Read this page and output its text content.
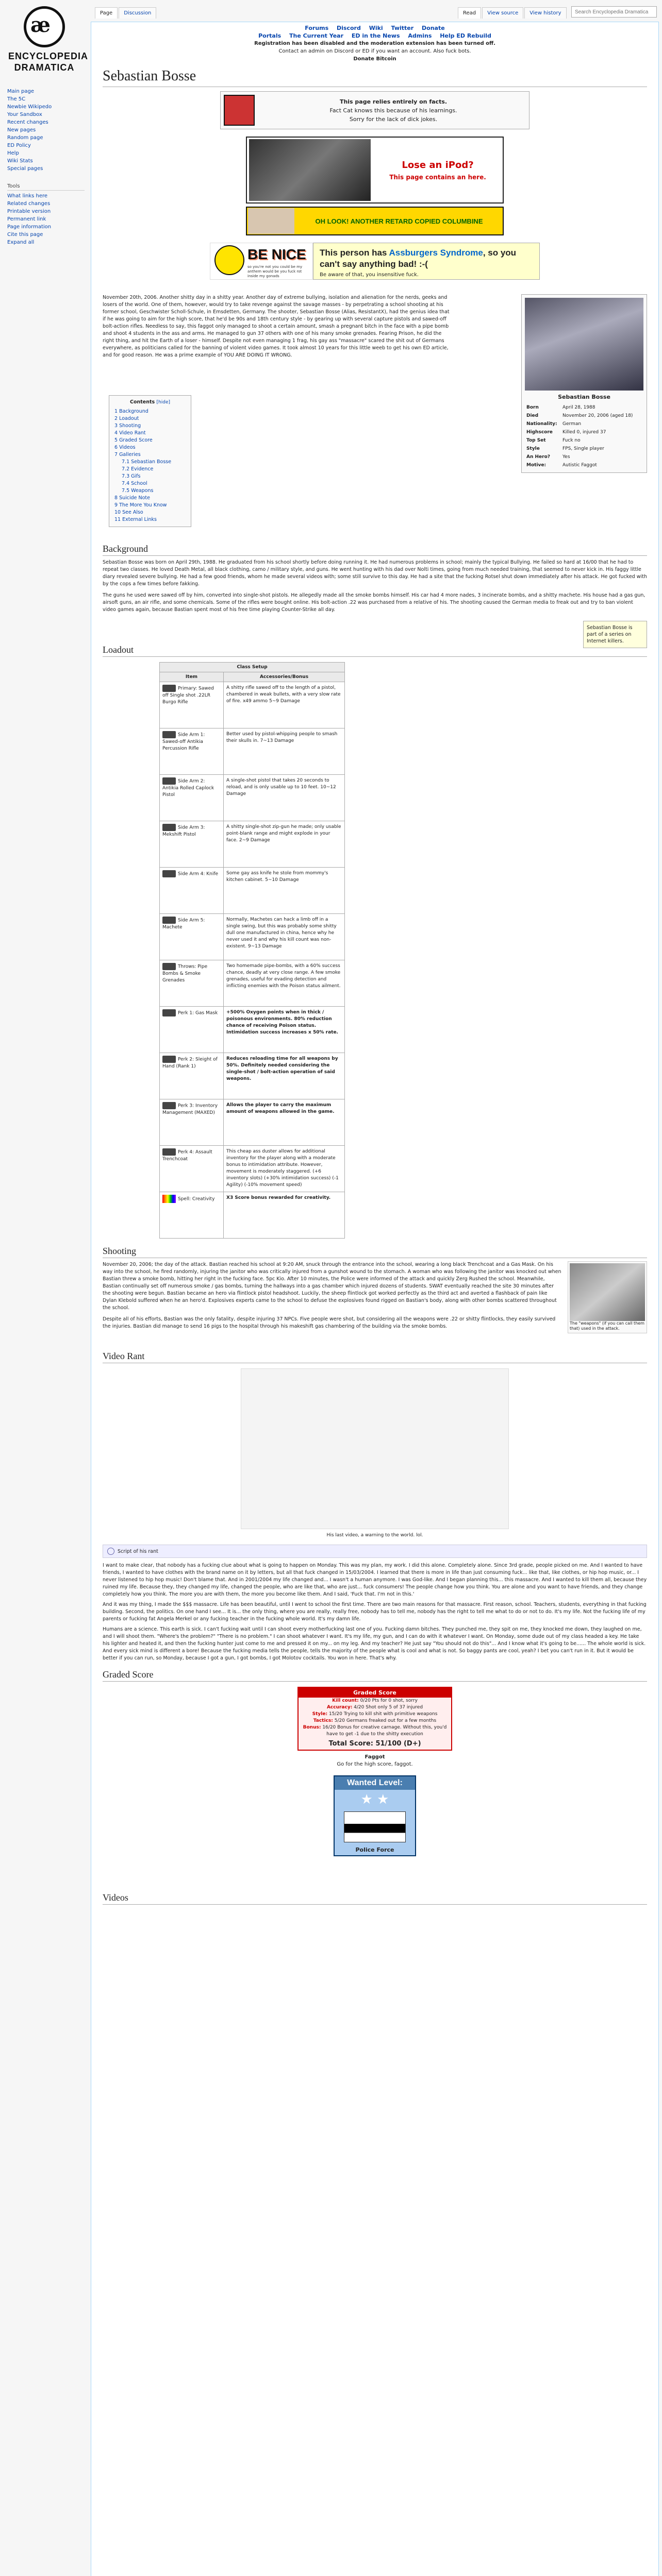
æ
ENCYCLOPEDIA
DRAMATICA
Main page
The 5C
Newbie Wikipedo
Your Sandbox
Recent changes
New pages
Random page
ED Policy
Help
Wiki Stats
Special pages
Tools
What links here
Related changes
Printable version
Permanent link
Page information
Cite this page
Expand all
Page	Discussion	Read	View source	View history
Search Encyclopedia Dramatica
Forums Discord Wiki Twitter Donate
Portals The Current Year ED in the News Admins Help ED Rebuild
Registration has been disabled and the moderation extension has been turned off.
Contact an admin on Discord or ED if you want an account. Also fuck bots.
Donate Bitcoin
Sebastian Bosse
This page relies entirely on facts.
Fact Cat knows this because of his learnings.
Sorry for the lack of dick jokes.
Lose an iPod?
This page contains an here.
OH LOOK! ANOTHER RETARD COPIED COLUMBINE
BE NICE
so you're not you could be my anthem would be you fuck rot inside my gonads
This person has Assburgers Syndrome, so you can't say anything bad! :-(
Be aware of that, you insensitive fuck.

November 20th, 2006. Another shitty day in a shitty year. Another day of extreme bullying, isolation and alienation for the nerds, geeks and losers of the world. One of them, however, would try to take revenge against the savage masses - by perpetrating a school shooting at his former school, Geschwister Scholl-Schule, in Emsdetten, Germany. The shooter, Sebastian Bosse (Alias, ResistantX), had the genius idea that if he was going to aim for the high score, that he'd be 90s and 18th century style - by gearing up with several capture pistols and sawed-off bolt-action rifles. Needless to say, this faggot only managed to shoot a certain amount, smash a pregnant bitch in the face with a pipe bomb and shoot 4 students in the ass and arms. He managed to gun 37 others with one of his many smoke grenades. Fearing Prison, he did the right thing, and hit the Earth of a loser - himself. Despite not even managing 1 frag, his gay ass "massacre" scared the shit out of Germans everywhere, as politicians called for the banning of violent video games. It took almost 10 years for this little weeb to get his own ED article, and for good reason. He was a prime example of YOU ARE DOING IT WRONG.

Contents [hide]
1 Background
2 Loadout
3 Shooting
4 Video Rant
5 Graded Score
6 Videos
7 Galleries
7.1 Sebastian Bosse
7.2 Evidence
7.3 Gifs
7.4 School
7.5 Weapons
8 Suicide Note
9 The More You Know
10 See Also
11 External Links
Sebastian Bosse
Born	April 28, 1988
Died	November 20, 2006 (aged 18)
Nationality:	German
Highscore	Killed 0, injured 37
Top Set	Fuck no
Style	FPS, Single player
An Hero?	Yes
Motive:	Autistic Faggot
Background

Sebastian Bosse was born on April 29th, 1988. He graduated from his school shortly before doing running it. He had numerous problems in school; mainly the typical Bullying. He failed so hard at 16/00 that he had to repeat two classes. He loved Death Metal, all black clothing, camo / military style, and guns. He went hunting with his dad over Nolti times, going from much needed training, that seemed to never kick in. His faggy little diary revealed severe bullying. He had a few good friends, whom he made several videos with; some still survive to this day. He had a site that the fucking Rotsel shut down immediately after his attack. He got fucked with by the cops a few times before fakking.

The guns he used were sawed off by him, converted into single-shot pistols. He allegedly made all the smoke bombs himself. His car had 4 more nades, 3 incinerate bombs, and a shitty machete. His house had a gas gun, airsoft guns, an air rifle, and some chemicals. Some of the rifles were bought online. His bolt-action .22 was purchased from a relative of his. The shooting caused the German media to freak out and try to ban violent video games again, because Bastian spent most of his free time playing Counter-Strike all day.

Sebastian Bosse is part of a series on Internet killers.
Loadout
Class Setup	
Item	Accessories/Bonus
Primary: Sawed off Single shot .22LR Burgo Rifle	A shitty rifle sawed off to the length of a pistol, chambered in weak bullets, with a very slow rate of fire. x49 ammo 5~9 Damage
Side Arm 1: Sawed-off Antikia Percussion Rifle	Better used by pistol-whipping people to smash their skulls in. 7~13 Damage
Side Arm 2: Antikia Rolled Caplock Pistol	A single-shot pistol that takes 20 seconds to reload, and is only usable up to 10 feet. 10~12 Damage
Side Arm 3: Mekshift Pistol	A shitty single-shot zip-gun he made; only usable point-blank range and might explode in your face. 2~9 Damage
Side Arm 4: Knife	Some gay ass knife he stole from mommy's kitchen cabinet. 5~10 Damage
Side Arm 5: Machete	Normally, Machetes can hack a limb off in a single swing, but this was probably some shitty dull one manufactured in china, hence why he never used it and why his kill count was non-existent. 9~13 Damage
Throws: Pipe Bombs & Smoke Grenades	Two homemade pipe-bombs, with a 60% success chance, deadly at very close range. A few smoke grenades, useful for evading detection and inflicting enemies with the Poison status ailment.
Perk 1: Gas Mask	+500% Oxygen points when in thick / poisonous environments. 80% reduction chance of receiving Poison status. Intimidation success increases x 50% rate.
Perk 2: Sleight of Hand (Rank 1)	Reduces reloading time for all weapons by 50%. Definitely needed considering the single-shot / bolt-action operation of said weapons.
Perk 3: Inventory Management (MAXED)	Allows the player to carry the maximum amount of weapons allowed in the game.
Perk 4: Assault Trenchcoat	This cheap ass duster allows for additional inventory for the player along with a moderate bonus to intimidation attribute. However, movement is moderately staggered. (+6 inventory slots) (+30% intimidation success) (-1 Agility) (-10% movement speed)
Spell: Creativity	X3 Score bonus rewarded for creativity.
Shooting
The "weapons" (if you can call them that) used in the attack.

November 20, 2006; the day of the attack. Bastian reached his school at 9:20 AM, snuck through the entrance into the school, wearing a long black Trenchcoat and a Gas Mask. On his way into the school, he fired randomly, injuring the janitor who was critically injured from a gunshot wound to the stomach. A woman who was following the janitor was knocked out when Bastian threw a smoke bomb, hitting her right in the fucking face. 5pc Kio. After 10 minutes, the Police were informed of the attack and quickly Zerg Rushed the school. Meanwhile, Bastian continually set off numerous smoke / gas bombs, turning the hallways into a gas chamber which injured dozens of students. SWAT eventually reached the site 30 minutes after the shooting were begun. Bastian became an hero via flintlock pistol headshoot. Luckily, the sheep flintlock got worked perfectly as the third act and averted a flashback of pain like Dylan Klebold suffered when he an hero'd. Explosives experts came to the school to defuse the explosives found rigged on Bastian's body, along with other bombs scattered throughout the school.

Despite all of his efforts, Bastian was the only fatality, despite injuring 37 NPCs. Five people were shot, but considering all the weapons were .22 or shitty flintlocks, they easily survived the injuries. Bastian did manage to send 16 pigs to the hospital through his makeshift gas chambering of the building via the smoke bombs.

Video Rant
His last video, a warning to the world. lol.
Script of his rant

I want to make clear, that nobody has a fucking clue about what is going to happen on Monday. This was my plan, my work. I did this alone. Completely alone. Since 3rd grade, people picked on me. And I wanted to have friends, I wanted to have clothes with the brand name on it by letters, but all that fuck changed in 15/03/2004. I learned that there is more in life than just consuming fuck... like that, like clothes, or hip hop music, or... I never listened to hip hop music! Don't blame that. And in 2001/2004 my life changed and... I wasn't a human anymore. I was God-like. And I began planning this... this massacre. And I wanted to kill them all, because they ruined my life. Because they, they changed my life, changed the people, who are like that, who are just... fuck consumers! The people change how you think. You are alone and you want to have friends, and they change completely how you think. The more you are with them, the more you become like them. And I said, 'Fuck that. I'm not in this.'

And it was my thing, I made the $$$ massacre. Life has been beautiful, until I went to school the first time. There are two main reasons for that massacre. First reason, school. Teachers, students, everything in that fucking building. Second, the politics. On one hand I see... It is... the only thing, where you are really, really free, nobody has to tell me, nobody has the right to tell me what to do or not to do. It's my life. Not the fucking life of my parents or fucking fat Angela Merkel or any fucking teacher in the fucking whole world. It's my damn life.

Humans are a science. This earth is sick. I can't fucking wait until I can shoot every motherfucking last one of you. Fucking damn bitches. They punched me, they spit on me, they knocked me down, they laughed on me, and I will shoot them. "Where's the problem?" "There is no problem." I can shoot whatever I want. It's my life, my gun, and I can do with it whatever I want. On Monday, some dude out of my class headed a key. He take his lighter and heated it, and then the fucking hunter just come to me and pressed it on my... on my leg. And my teacher? He just say "You should not do this"... And I know what it's going to be...... The whole world is sick. And every sick mind is different a bore! Because the fucking media tells the people, tells the majority of the people what is cool and what is not. So baggy pants are cool, yeah? I bet you can't run in it. But it would be better if you can run, so Monday, because I got a gun, I got bombs, I got Molotov cocktails. You won in here. That's why.

Graded Score
Graded Score
Kill count: 0/20 Pts for 0 shot, sorry
Accuracy: 4/20 Shot only 5 of 37 injured
Style: 15/20 Trying to kill shit with primitive weapons
Tactics: 5/20 Germans freaked out for a few months
Bonus: 16/20 Bonus for creative carnage. Without this, you'd have to get -1 due to the shitty execution
Total Score: 51/100 (D+)
Faggot
Go for the high score, faggot.
Wanted Level:
★ ★
Police Force
Videos
